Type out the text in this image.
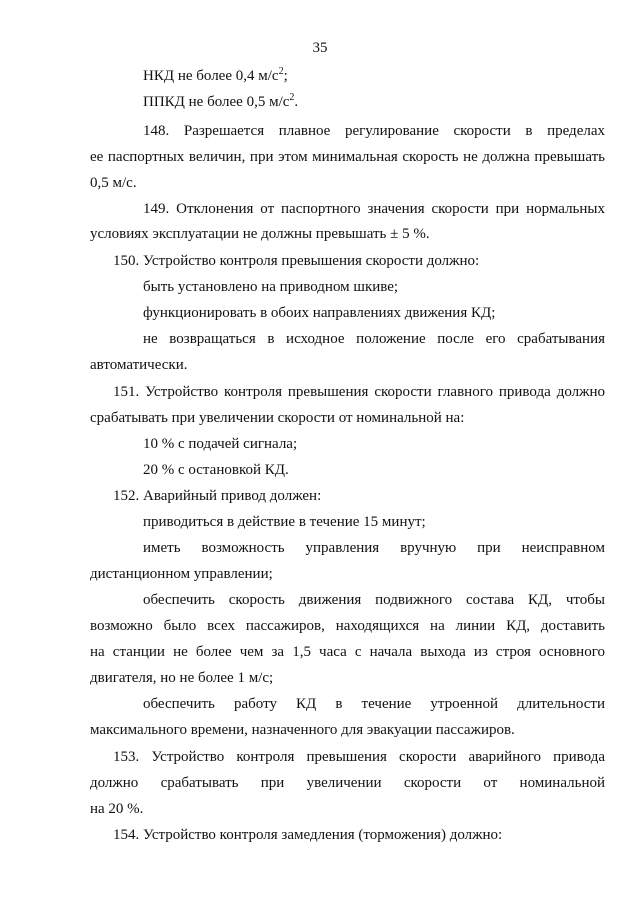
35
НКД не более 0,4 $м/с^2$;
ППКД не более 0,5 $м/с^2$.
148. Разрешается плавное регулирование скорости в пределах
ее паспортных величин, при этом минимальная скорость не должна превышать
0,5 м/с.
149. Отклонения от паспортного значения скорости при нормальных
условиях эксплуатации не должны превышать ± 5 %.
150. Устройство контроля превышения скорости должно:
быть установлено на приводном шкиве;
функционировать в обоих направлениях движения КД;
не возвращаться в исходное положение после его срабатывания
автоматически.
151. Устройство контроля превышения скорости главного привода должно
срабатывать при увеличении скорости от номинальной на:
10 % с подачей сигнала;
20 % с остановкой КД.
152. Аварийный привод должен:
приводиться в действие в течение 15 минут;
иметь возможность управления вручную при неисправном
дистанционном управлении;
обеспечить скорость движения подвижного состава КД, чтобы
возможно было всех пассажиров, находящихся на линии КД, доставить
на станции не более чем за 1,5 часа с начала выхода из строя основного
двигателя, но не более 1 м/с;
обеспечить работу КД в течение утроенной длительности
максимального времени, назначенного для эвакуации пассажиров.
153. Устройство контроля превышения скорости аварийного привода
должно срабатывать при увеличении скорости от номинальной
на 20 %.
154. Устройство контроля замедления (торможения) должно:
